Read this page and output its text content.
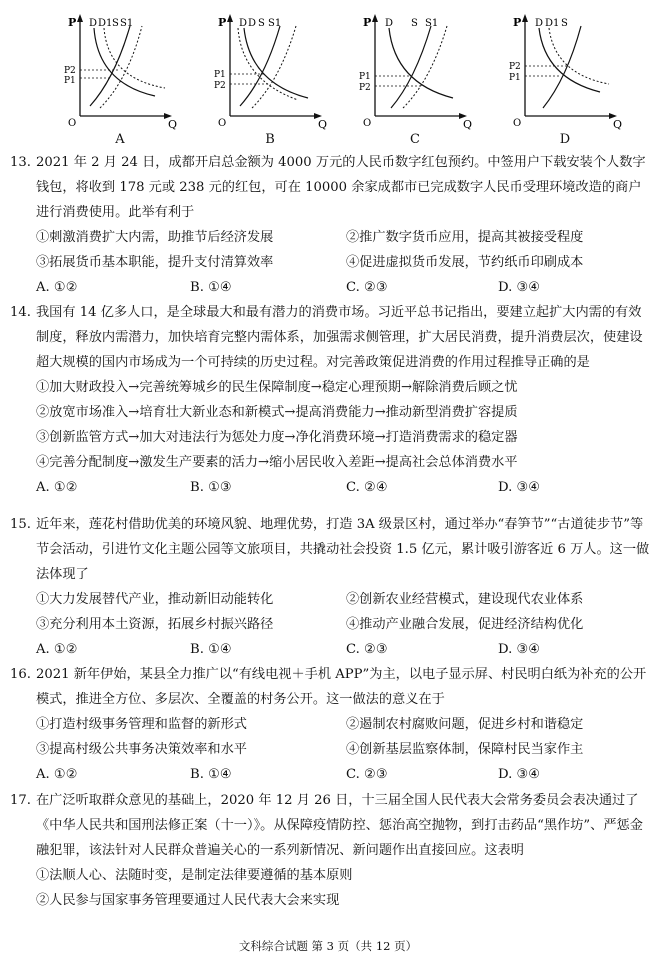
P
Q
O
D D1 S S1
P2
P1
A
P
Q
O
D D S S1
P1
P2
B
P
Q
O
D S S1
P1
P2
C
P
Q
O
D D1 S
P2
P1
D
13. 2021 年 2 月 24 日，成都开启总金额为 4000 万元的人民币数字红包预约。中签用户下载安装个人数字钱包，将收到 178 元或 238 元的红包，可在 10000 余家成都市已完成数字人民币受理环境改造的商户进行消费使用。此举有利于
①刺激消费扩大内需，助推节后经济发展	②推广数字货币应用，提高其被接受程度
③拓展货币基本职能，提升支付清算效率	④促进虚拟货币发展，节约纸币印刷成本
A. ①②	B. ①④	C. ②③	D. ③④
14. 我国有 14 亿多人口，是全球最大和最有潜力的消费市场。习近平总书记指出，要建立起扩大内需的有效制度，释放内需潜力，加快培育完整内需体系，加强需求侧管理，扩大居民消费，提升消费层次，使建设超大规模的国内市场成为一个可持续的历史过程。对完善政策促进消费的作用过程推导正确的是
①加大财政投入→完善统筹城乡的民生保障制度→稳定心理预期→解除消费后顾之忧
②放宽市场准入→培育壮大新业态和新模式→提高消费能力→推动新型消费扩容提质
③创新监管方式→加大对违法行为惩处力度→净化消费环境→打造消费需求的稳定器
④完善分配制度→激发生产要素的活力→缩小居民收入差距→提高社会总体消费水平
A. ①②	B. ①③	C. ②④	D. ③④
15. 近年来，莲花村借助优美的环境风貌、地理优势，打造 3A 级景区村，通过举办“春笋节”“古道徒步节”等节会活动，引进竹文化主题公园等文旅项目，共撬动社会投资 1.5 亿元，累计吸引游客近 6 万人。这一做法体现了
①大力发展替代产业，推动新旧动能转化	②创新农业经营模式，建设现代农业体系
③充分利用本土资源，拓展乡村振兴路径	④推动产业融合发展，促进经济结构优化
A. ①②	B. ①④	C. ②③	D. ③④
16. 2021 新年伊始，某县全力推广以“有线电视＋手机 APP”为主，以电子显示屏、村民明白纸为补充的公开模式，推进全方位、多层次、全覆盖的村务公开。这一做法的意义在于
①打造村级事务管理和监督的新形式	②遏制农村腐败问题，促进乡村和谐稳定
③提高村级公共事务决策效率和水平	④创新基层监察体制，保障村民当家作主
A. ①②	B. ①④	C. ②③	D. ③④
17. 在广泛听取群众意见的基础上，2020 年 12 月 26 日，十三届全国人民代表大会常务委员会表决通过了《中华人民共和国刑法修正案（十一）》。从保障疫情防控、惩治高空抛物，到打击药品“黑作坊”、严惩金融犯罪，该法针对人民群众普遍关心的一系列新情况、新问题作出直接回应。这表明
①法顺人心、法随时变，是制定法律要遵循的基本原则
②人民参与国家事务管理要通过人民代表大会来实现
文科综合试题 第 3 页（共 12 页）
